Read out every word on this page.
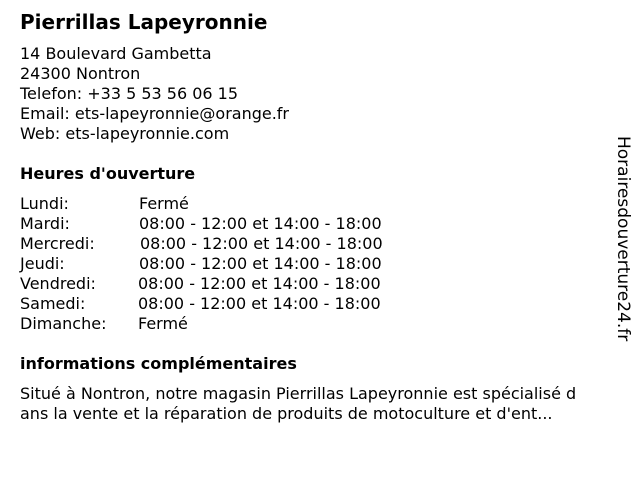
Pierrillas Lapeyronnie
14 Boulevard Gambetta
24300 Nontron
Telefon: +33 5 53 56 06 15
Email: ets-lapeyronnie@orange.fr
Web: ets-lapeyronnie.com
Heures d'ouverture
Lundi:	Fermé
Mardi:	08:00 - 12:00 et 14:00 - 18:00
Mercredi:	08:00 - 12:00 et 14:00 - 18:00
Jeudi:	08:00 - 12:00 et 14:00 - 18:00
Vendredi:	08:00 - 12:00 et 14:00 - 18:00
Samedi:	08:00 - 12:00 et 14:00 - 18:00
Dimanche: Fermé
informations complémentaires
Situé à Nontron, notre magasin Pierrillas Lapeyronnie est spécialisé d
ans la vente et la réparation de produits de motoculture et d'ent...
Horairesdouverture24.fr
